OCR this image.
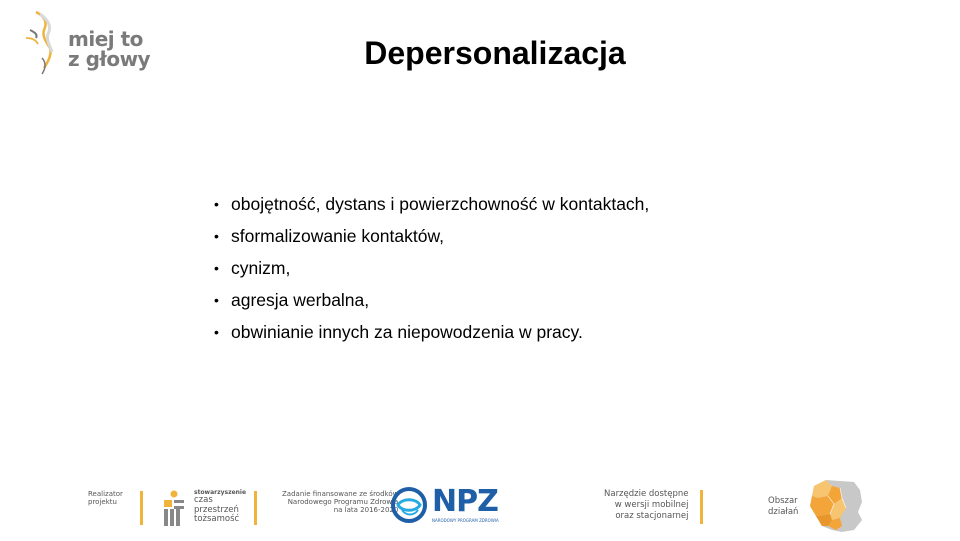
miej to
z głowy	Depersonalizacja
• obojętność, dystans i powierzchowność w kontaktach,
• sformalizowanie kontaktów,
• cynizm,
• agresja werbalna,
• obwinianie innych za niepowodzenia w pracy.
Realizator
projektu
stowarzyszenie
czas
przestrzeń
tożsamość
Zadanie finansowane ze środków
Narodowego Programu Zdrowia
na lata 2016-2020 NPZ
NARODOWY PROGRAM ZDROWIA
Narzędzie dostępne
w wersji mobilnej
oraz stacjonarnej
Obszar
działań
